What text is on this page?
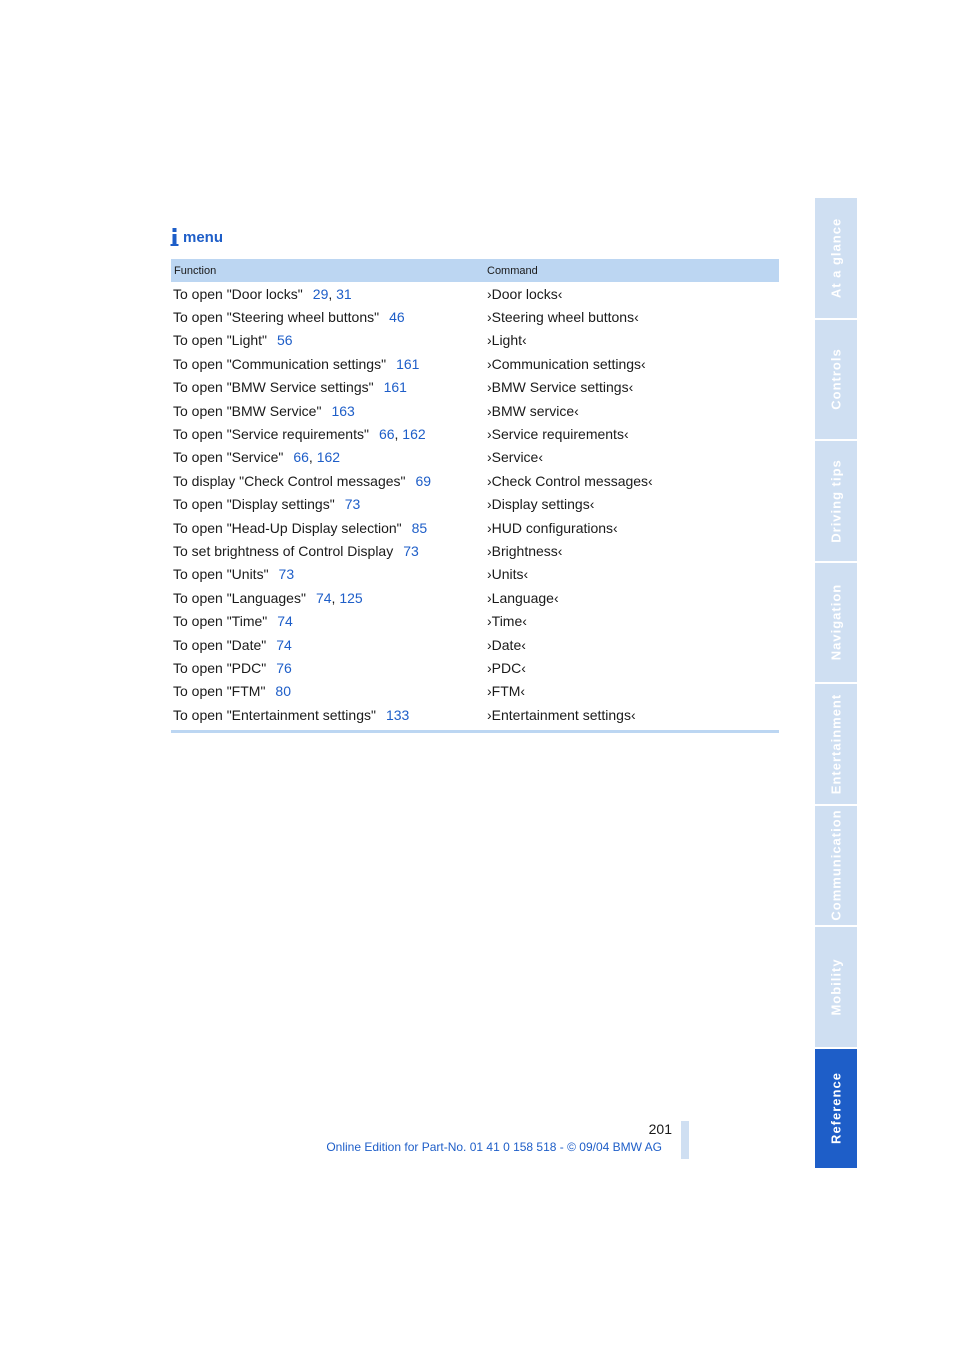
menu
Function	Command
To open "Door locks" 29, 31	›Door locks‹
To open "Steering wheel buttons" 46	›Steering wheel buttons‹
To open "Light" 56	›Light‹
To open "Communication settings" 161	›Communication settings‹
To open "BMW Service settings" 161	›BMW Service settings‹
To open "BMW Service" 163	›BMW service‹
To open "Service requirements" 66, 162	›Service requirements‹
To open "Service" 66, 162	›Service‹
To display "Check Control messages" 69	›Check Control messages‹
To open "Display settings" 73	›Display settings‹
To open "Head-Up Display selection" 85	›HUD configurations‹
To set brightness of Control Display 73	›Brightness‹
To open "Units" 73	›Units‹
To open "Languages" 74, 125	›Language‹
To open "Time" 74	›Time‹
To open "Date" 74	›Date‹
To open "PDC" 76	›PDC‹
To open "FTM" 80	›FTM‹
To open "Entertainment settings" 133	›Entertainment settings‹
At a glance
Controls
Driving tips
Navigation
Entertainment
Communication
Mobility
Reference
201
Online Edition for Part-No. 01 41 0 158 518 - © 09/04 BMW AG
